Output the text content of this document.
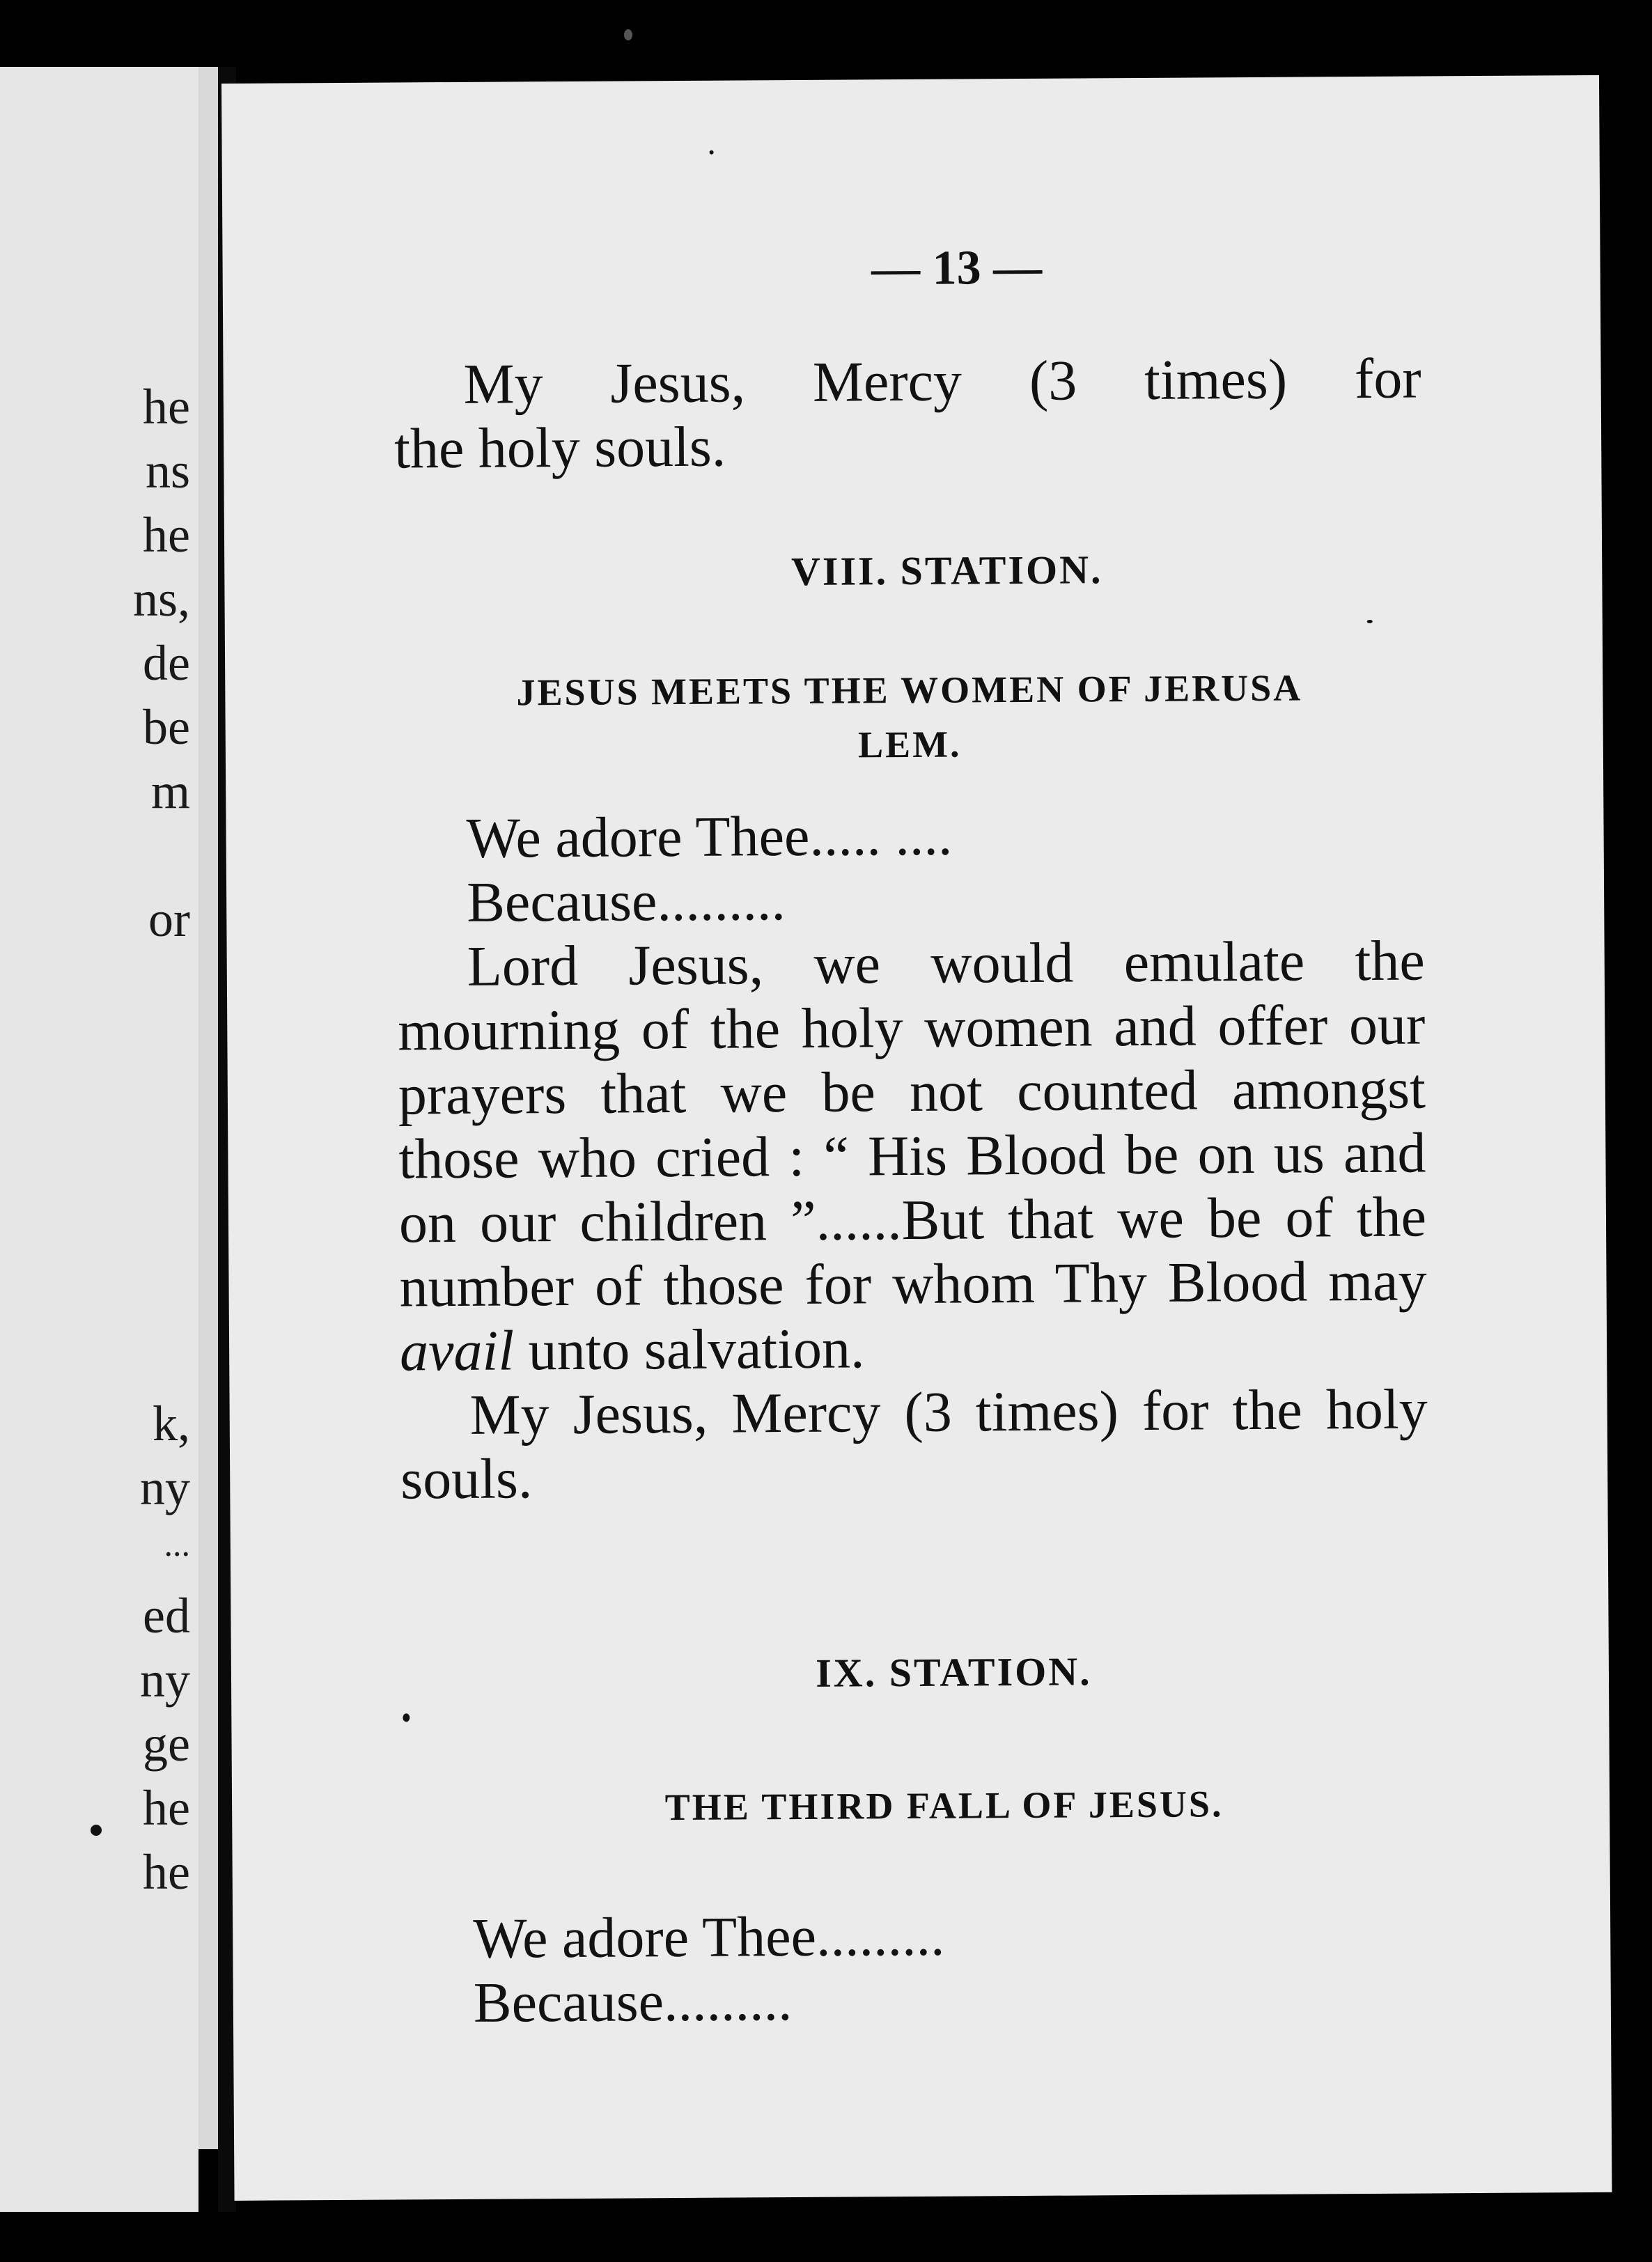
he
ns
he
ns,
de
be
m
or
k,
ny
...
ed
ny
ge
he
he
— 13 —

My Jesus, Mercy (3 times) for

the holy souls.

VIII. STATION.
JESUS MEETS THE WOMEN OF JERUSA
LEM.

We adore Thee..... ....

Because.........

Lord Jesus, we would emulate the mourning of the holy women and offer our prayers that we be not counted amongst those who cried : “ His Blood be on us and on our children ”......But that we be of the number of those for whom Thy Blood may avail unto salvation.

My Jesus, Mercy (3 times) for the holy souls.

IX. STATION.
THE THIRD FALL OF JESUS.

We adore Thee.........

Because.........
